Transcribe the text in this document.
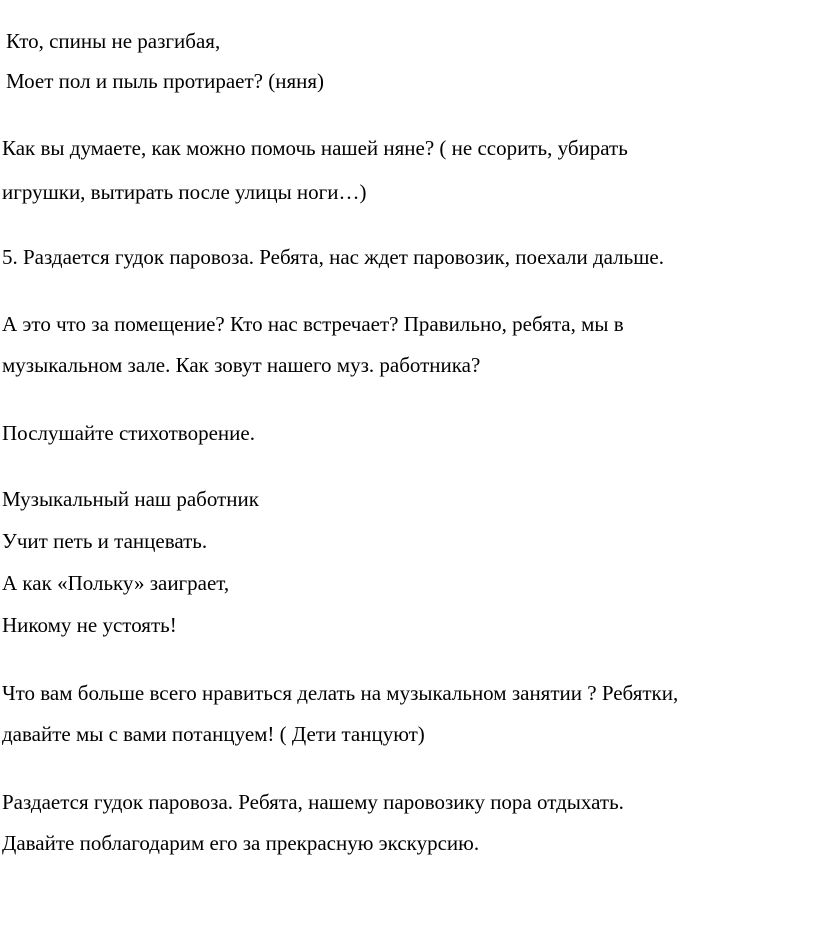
Кто, спины не разгибая,
Моет пол и пыль протирает? (няня)
Как вы думаете, как можно помочь нашей няне? ( не ссорить, убирать
игрушки, вытирать после улицы ноги…)
5. Раздается гудок паровоза. Ребята, нас ждет паровозик, поехали дальше.
А это что за помещение? Кто нас встречает? Правильно, ребята, мы в
музыкальном зале. Как зовут нашего муз. работника?
Послушайте стихотворение.
Музыкальный наш работник
Учит петь и танцевать.
А как «Польку» заиграет,
Никому не устоять!
Что вам больше всего нравиться делать на музыкальном занятии ? Ребятки,
давайте мы с вами потанцуем! ( Дети танцуют)
Раздается гудок паровоза. Ребята, нашему паровозику пора отдыхать.
Давайте поблагодарим его за прекрасную экскурсию.
